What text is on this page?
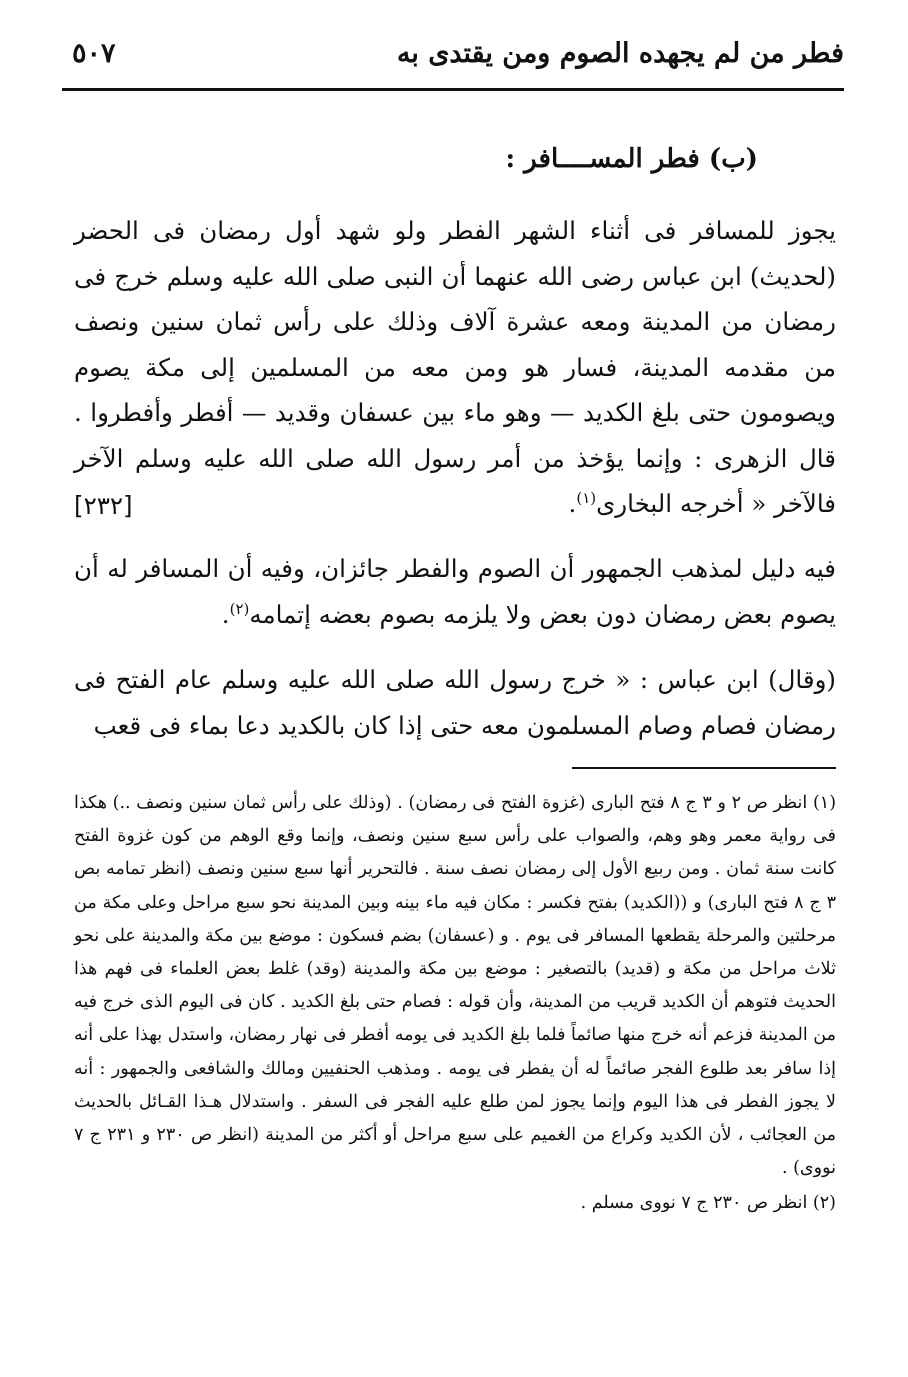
فطر من لم يجهده الصوم ومن يقتدى به
٥٠٧
(ب) فطر المســــافر :
يجوز للمسافر فى أثناء الشهر الفطر ولو شهد أول رمضان فى الحضر (لحديث) ابن عباس رضى الله عنهما أن النبى صلى الله عليه وسلم خرج فى رمضان من المدينة ومعه عشرة آلاف وذلك على رأس ثمان سنين ونصف من مقدمه المدينة، فسار هو ومن معه من المسلمين إلى مكة يصوم ويصومون حتى بلغ الكديد — وهو ماء بين عسفان وقديد — أفطر وأفطروا . قال الزهرى : وإنما يؤخذ من أمر رسول الله صلى الله عليه وسلم الآخر فالآخر « أخرجه البخارى$^{(١)}$.
[٢٣٢]
فيه دليل لمذهب الجمهور أن الصوم والفطر جائزان، وفيه أن المسافر له أن يصوم بعض رمضان دون بعض ولا يلزمه بصوم بعضه إتمامه$^{(٢)}$.
(وقال) ابن عباس : « خرج رسول الله صلى الله عليه وسلم عام الفتح فى رمضان فصام وصام المسلمون معه حتى إذا كان بالكديد دعا بماء فى قعب

(١) انظر ص ٢ و ٣ ج ٨ فتح البارى (غزوة الفتح فى رمضان) . (وذلك على رأس ثمان سنين ونصف ..) هكذا فى رواية معمر وهو وهم، والصواب على رأس سبع سنين ونصف، وإنما وقع الوهم من كون غزوة الفتح كانت سنة ثمان . ومن ربيع الأول إلى رمضان نصف سنة . فالتحرير أنها سبع سنين ونصف (انظر تمامه بص ٣ ج ٨ فتح البارى) و ((الكديد) بفتح فكسر : مكان فيه ماء بينه وبين المدينة نحو سبع مراحل وعلى مكة من مرحلتين والمرحلة يقطعها المسافر فى يوم . و (عسفان) بضم فسكون : موضع بين مكة والمدينة على نحو ثلاث مراحل من مكة و (قديد) بالتصغير : موضع بين مكة والمدينة (وقد) غلط بعض العلماء فى فهم هذا الحديث فتوهم أن الكديد قريب من المدينة، وأن قوله : فصام حتى بلغ الكديد . كان فى اليوم الذى خرج فيه من المدينة فزعم أنه خرج منها صائماً فلما بلغ الكديد فى يومه أفطر فى نهار رمضان، واستدل بهذا على أنه إذا سافر بعد طلوع الفجر صائماً له أن يفطر فى يومه . ومذهب الحنفيين ومالك والشافعى والجمهور : أنه لا يجوز الفطر فى هذا اليوم وإنما يجوز لمن طلع عليه الفجر فى السفر . واستدلال هـذا القـائل بالحديث من العجائب ، لأن الكديد وكراع من الغميم على سبع مراحل أو أكثر من المدينة (انظر ص ٢٣٠ و ٢٣١ ج ٧ نووى) .

(٢) انظر ص ٢٣٠ ج ٧ نووى مسلم .
